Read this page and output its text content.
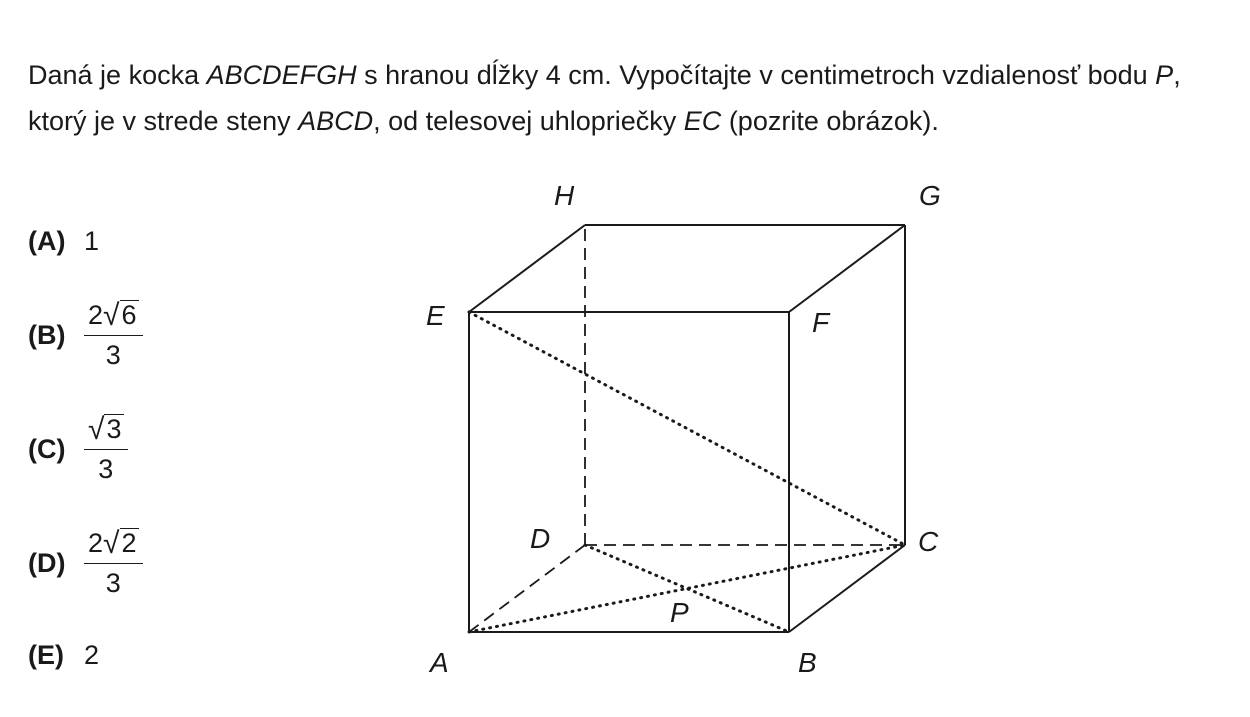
Daná je kocka ABCDEFGH s hranou dĺžky 4 cm. Vypočítajte v centimetroch vzdialenosť bodu P, ktorý je v strede steny ABCD, od telesovej uhlopriečky EC (pozrite obrázok).

(A) 1
$(B) \frac{2 √ 6}{3}$
$(C) \frac{√ 3}{3}$
$(D) \frac{2 √ 2}{3}$
(E) 2
H	G
E	F
D	C
P
A	B
